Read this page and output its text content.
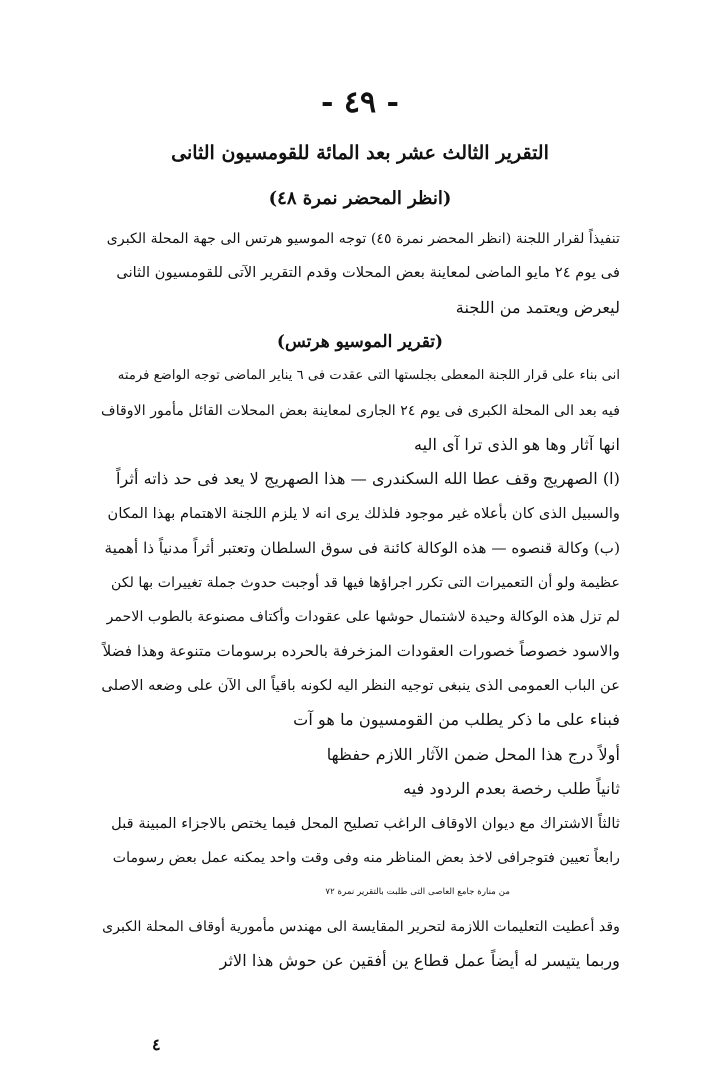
- ٤٩ -
التقرير الثالث عشر بعد المائة للقومسيون الثانى
(انظر المحضر نمرة ٤٨)

تنفيذاً لقرار اللجنة (انظر المحضر نمرة ٤٥) توجه الموسيو هرتس الى جهة المحلة الكبرى
فى يوم ٢٤ مايو الماضى لمعاينة بعض المحلات وقدم التقرير الآتى للقومسيون الثانى
ليعرض ويعتمد من اللجنة

(تقرير الموسيو هرتس)

انى بناء على قرار اللجنة المعطى بجلستها التى عقدت فى ٦ يناير الماضى توجه الواضع فرمته
فيه بعد الى المحلة الكبرى فى يوم ٢٤ الجارى لمعاينة بعض المحلات القائل مأمور الاوقاف
انها آثار وها هو الذى ترا آى اليه

(ا) الصهريج وقف عطا الله السكندرى — هذا الصهريج لا يعد فى حد ذاته أثراً
والسبيل الذى كان بأعلاه غير موجود فلذلك يرى انه لا يلزم اللجنة الاهتمام بهذا المكان

(ب) وكالة قنصوه — هذه الوكالة كائنة فى سوق السلطان وتعتبر أثراً مدنياً ذا أهمية
عظيمة ولو أن التعميرات التى تكرر اجراؤها فيها قد أوجبت حدوث جملة تغييرات بها لكن
لم تزل هذه الوكالة وحيدة لاشتمال حوشها على عقودات وأكتاف مصنوعة بالطوب الاحمر
والاسود خصوصاً خصورات العقودات المزخرفة بالحرده برسومات متنوعة وهذا فضلاً
عن الباب العمومى الذى ينبغى توجيه النظر اليه لكونه باقياً الى الآن على وضعه الاصلى
فبناء على ما ذكر يطلب من القومسيون ما هو آت

أولاً درج هذا المحل ضمن الآثار اللازم حفظها
ثانياً طلب رخصة بعدم الردود فيه
ثالثاً الاشتراك مع ديوان الاوقاف الراغب تصليح المحل فيما يختص بالاجزاء المبينة قبل
رابعاً تعيين فتوجرافى لاخذ بعض المناظر منه وفى وقت واحد يمكنه عمل بعض رسومات
من منارة جامع العاصى التى طلبت بالتقرير نمرة ٧٢

وقد أعطيت التعليمات اللازمة لتحرير المقايسة الى مهندس مأمورية أوقاف المحلة الكبرى
وربما يتيسر له أيضاً عمل قطاع ين أفقين عن حوش هذا الاثر

٤
